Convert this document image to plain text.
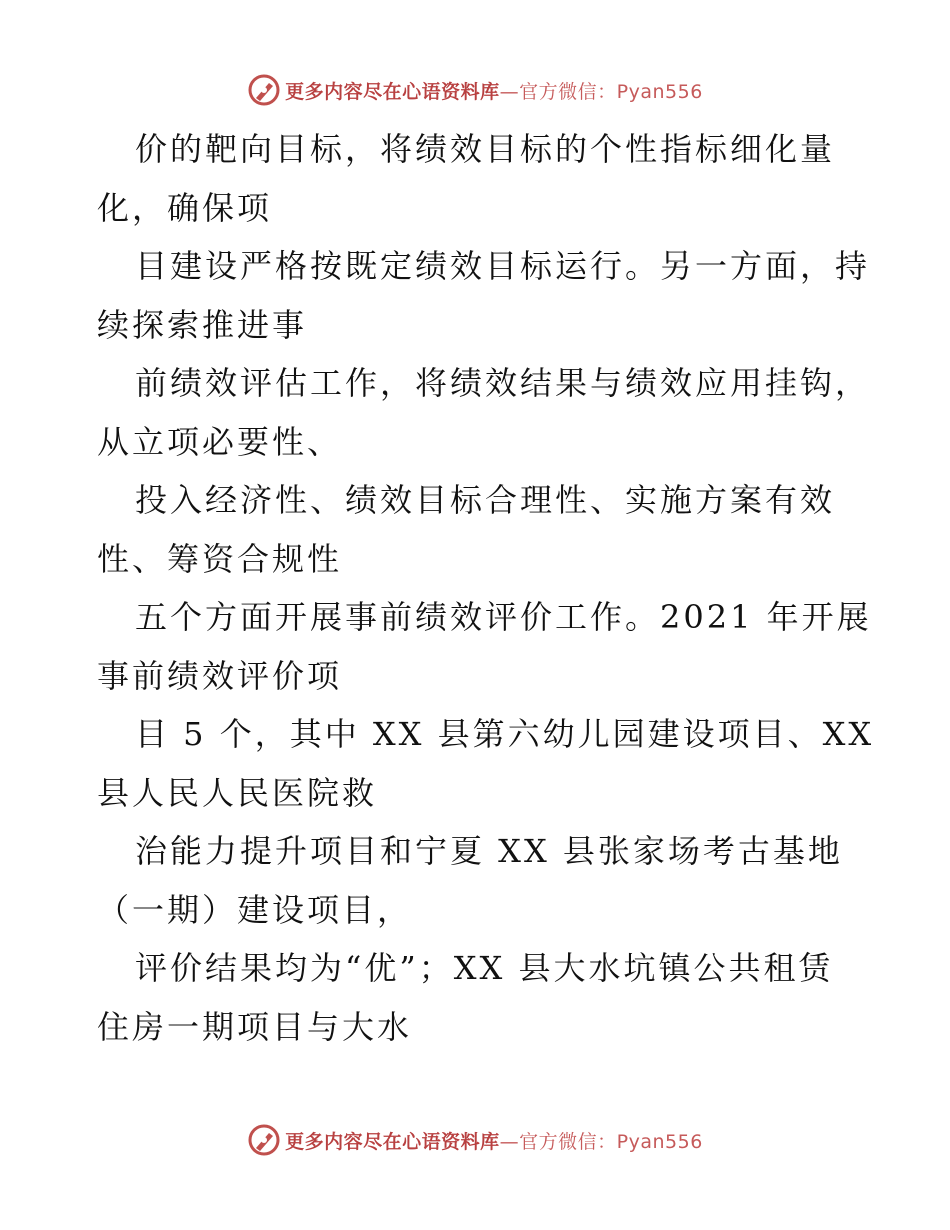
更多内容尽在心语资料库—官方微信：Pyan556
价的靶向目标，将绩效目标的个性指标细化量
化，确保项
目建设严格按既定绩效目标运行。另一方面，持
续探索推进事
前绩效评估工作，将绩效结果与绩效应用挂钩，
从立项必要性、
投入经济性、绩效目标合理性、实施方案有效
性、筹资合规性
五个方面开展事前绩效评价工作。2021 年开展
事前绩效评价项
目 5 个，其中 XX 县第六幼儿园建设项目、XX
县人民人民医院救
治能力提升项目和宁夏 XX 县张家场考古基地
（一期）建设项目，
评价结果均为“优”；XX 县大水坑镇公共租赁
住房一期项目与大水
更多内容尽在心语资料库—官方微信：Pyan556
